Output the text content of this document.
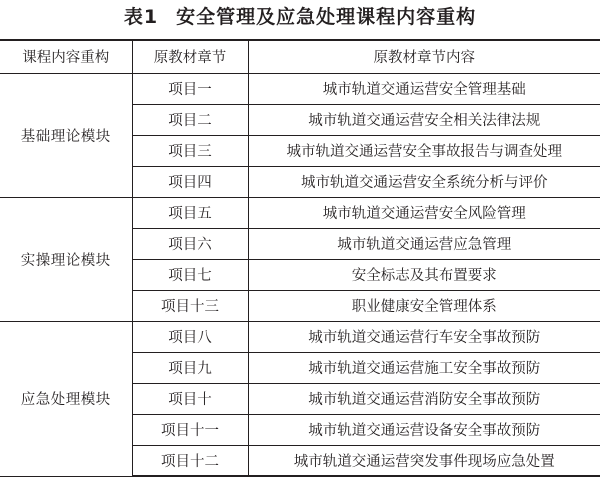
表1 安全管理及应急处理课程内容重构
课程内容重构	原教材章节	原教材章节内容
基础理论模块	项目一	城市轨道交通运营安全管理基础
	项目二	城市轨道交通运营安全相关法律法规
	项目三	城市轨道交通运营安全事故报告与调查处理
	项目四	城市轨道交通运营安全系统分析与评价
实操理论模块	项目五	城市轨道交通运营安全风险管理
	项目六	城市轨道交通运营应急管理
	项目七	安全标志及其布置要求
	项目十三	职业健康安全管理体系
应急处理模块	项目八	城市轨道交通运营行车安全事故预防
	项目九	城市轨道交通运营施工安全事故预防
	项目十	城市轨道交通运营消防安全事故预防
	项目十一	城市轨道交通运营设备安全事故预防
	项目十二	城市轨道交通运营突发事件现场应急处置
